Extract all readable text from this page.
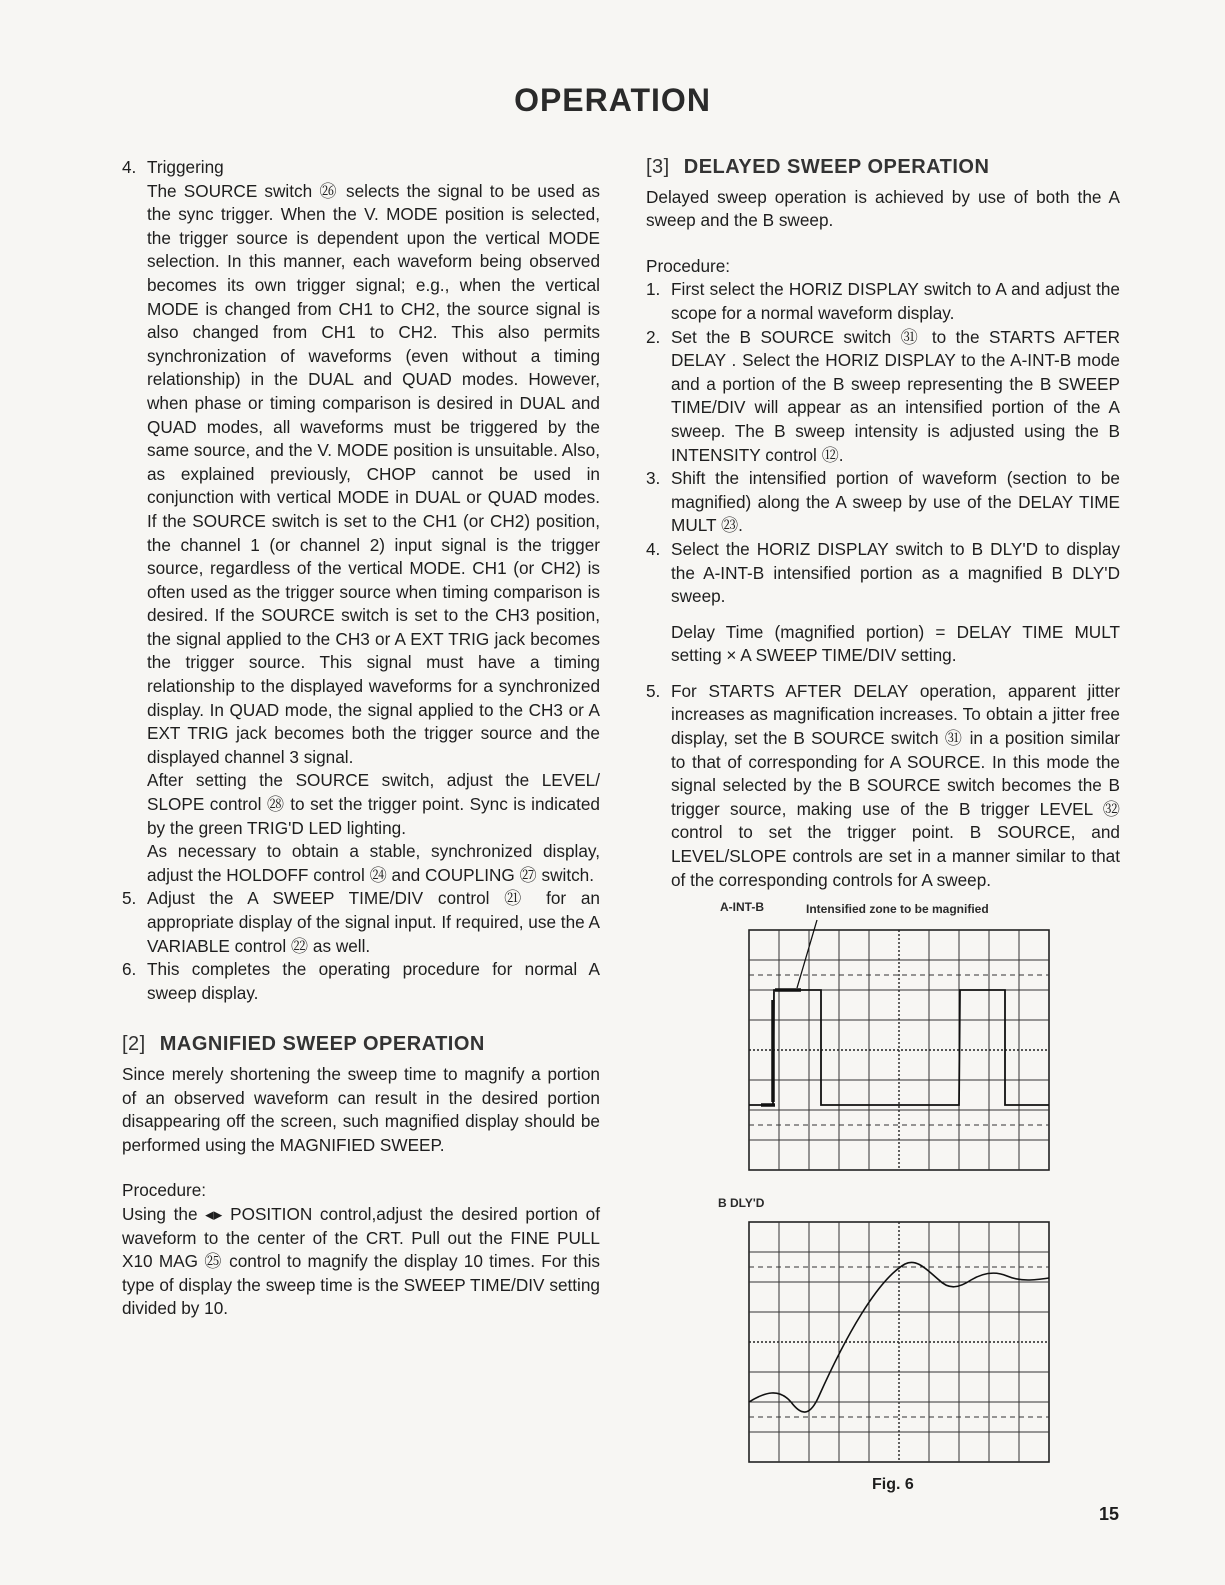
OPERATION
4. Triggering

The SOURCE switch ㉖ selects the signal to be used as the sync trigger. When the V. MODE position is selected, the trigger source is dependent upon the vertical MODE selection. In this manner, each waveform being observed becomes its own trigger signal; e.g., when the vertical MODE is changed from CH1 to CH2, the source signal is also changed from CH1 to CH2. This also permits synchronization of waveforms (even without a timing relationship) in the DUAL and QUAD modes. However, when phase or timing comparison is desired in DUAL and QUAD modes, all waveforms must be triggered by the same source, and the V. MODE position is unsuitable. Also, as explained previously, CHOP cannot be used in conjunction with vertical MODE in DUAL or QUAD modes. If the SOURCE switch is set to the CH1 (or CH2) position, the channel 1 (or channel 2) input signal is the trigger source, regardless of the vertical MODE. CH1 (or CH2) is often used as the trigger source when timing comparison is desired. If the SOURCE switch is set to the CH3 position, the signal applied to the CH3 or A EXT TRIG jack becomes the trigger source. This signal must have a timing relationship to the displayed waveforms for a synchronized display. In QUAD mode, the signal applied to the CH3 or A EXT TRIG jack becomes both the trigger source and the displayed channel 3 signal.

After setting the SOURCE switch, adjust the LEVEL/ SLOPE control ㉘ to set the trigger point. Sync is indicated by the green TRIG'D LED lighting.

As necessary to obtain a stable, synchronized display, adjust the HOLDOFF control ㉔ and COUPLING ㉗ switch.

5. Adjust the A SWEEP TIME/DIV control ㉑ for an appropriate display of the signal input. If required, use the A VARIABLE control ㉒ as well.

6. This completes the operating procedure for normal A sweep display.

[2] MAGNIFIED SWEEP OPERATION

Since merely shortening the sweep time to magnify a portion of an observed waveform can result in the desired portion disappearing off the screen, such magnified display should be performed using the MAGNIFIED SWEEP.

Procedure:

Using the ◂▸ POSITION control,adjust the desired portion of waveform to the center of the CRT. Pull out the FINE PULL X10 MAG ㉕ control to magnify the display 10 times. For this type of display the sweep time is the SWEEP TIME/DIV setting divided by 10.

[3] DELAYED SWEEP OPERATION

Delayed sweep operation is achieved by use of both the A sweep and the B sweep.

Procedure:

1. First select the HORIZ DISPLAY switch to A and adjust the scope for a normal waveform display.

2. Set the B SOURCE switch ㉛ to the STARTS AFTER DELAY . Select the HORIZ DISPLAY to the A-INT-B mode and a portion of the B sweep representing the B SWEEP TIME/DIV will appear as an intensified portion of the A sweep. The B sweep intensity is adjusted using the B INTENSITY control ⑫.

3. Shift the intensified portion of waveform (section to be magnified) along the A sweep by use of the DELAY TIME MULT ㉓.

4. Select the HORIZ DISPLAY switch to B DLY'D to display the A-INT-B intensified portion as a magnified B DLY'D sweep.

Delay Time (magnified portion) = DELAY TIME MULT setting × A SWEEP TIME/DIV setting.

5. For STARTS AFTER DELAY operation, apparent jitter increases as magnification increases. To obtain a jitter free display, set the B SOURCE switch ㉛ in a position similar to that of corresponding for A SOURCE. In this mode the signal selected by the B SOURCE switch becomes the B trigger source, making use of the B trigger LEVEL ㉜ control to set the trigger point. B SOURCE, and LEVEL/SLOPE controls are set in a manner similar to that of the corresponding controls for A sweep.

A-INT-B	Intensified zone to be magnified
B DLY'D
Fig. 6
15
